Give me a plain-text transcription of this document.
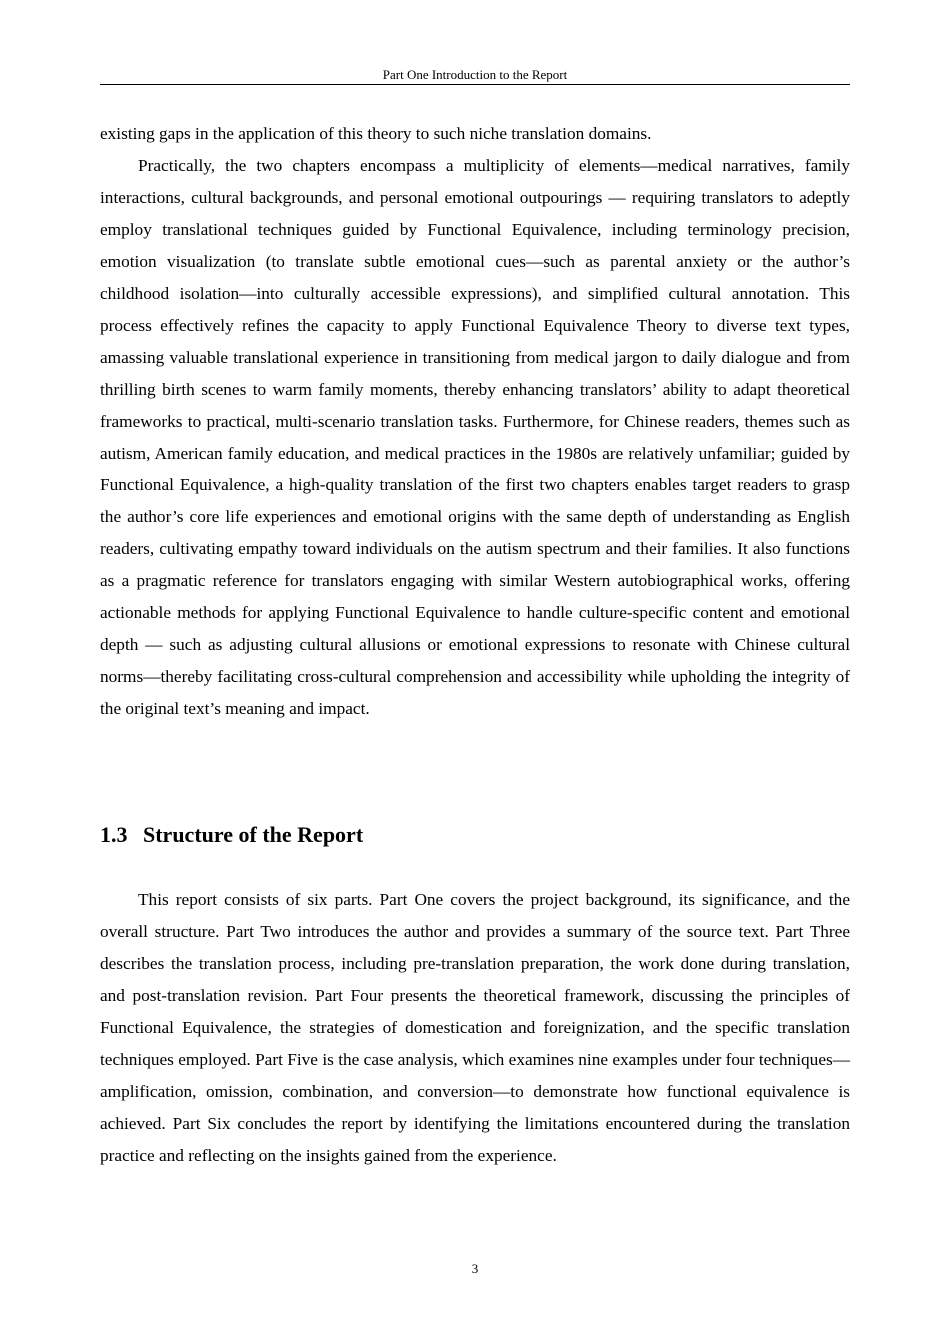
Part One Introduction to the Report

existing gaps in the application of this theory to such niche translation domains.

Practically, the two chapters encompass a multiplicity of elements—medical narratives, family interactions, cultural backgrounds, and personal emotional outpourings — requiring translators to adeptly employ translational techniques guided by Functional Equivalence, including terminology precision, emotion visualization (to translate subtle emotional cues—such as parental anxiety or the author’s childhood isolation—into culturally accessible expressions), and simplified cultural annotation. This process effectively refines the capacity to apply Functional Equivalence Theory to diverse text types, amassing valuable translational experience in transitioning from medical jargon to daily dialogue and from thrilling birth scenes to warm family moments, thereby enhancing translators’ ability to adapt theoretical frameworks to practical, multi-scenario translation tasks. Furthermore, for Chinese readers, themes such as autism, American family education, and medical practices in the 1980s are relatively unfamiliar; guided by Functional Equivalence, a high-quality translation of the first two chapters enables target readers to grasp the author’s core life experiences and emotional origins with the same depth of understanding as English readers, cultivating empathy toward individuals on the autism spectrum and their families. It also functions as a pragmatic reference for translators engaging with similar Western autobiographical works, offering actionable methods for applying Functional Equivalence to handle culture-specific content and emotional depth — such as adjusting cultural allusions or emotional expressions to resonate with Chinese cultural norms—thereby facilitating cross-cultural comprehension and accessibility while upholding the integrity of the original text’s meaning and impact.

1.3 Structure of the Report

This report consists of six parts. Part One covers the project background, its significance, and the overall structure. Part Two introduces the author and provides a summary of the source text. Part Three describes the translation process, including pre-translation preparation, the work done during translation, and post-translation revision. Part Four presents the theoretical framework, discussing the principles of Functional Equivalence, the strategies of domestication and foreignization, and the specific translation techniques employed. Part Five is the case analysis, which examines nine examples under four techniques—amplification, omission, combination, and conversion—to demonstrate how functional equivalence is achieved. Part Six concludes the report by identifying the limitations encountered during the translation practice and reflecting on the insights gained from the experience.

3
